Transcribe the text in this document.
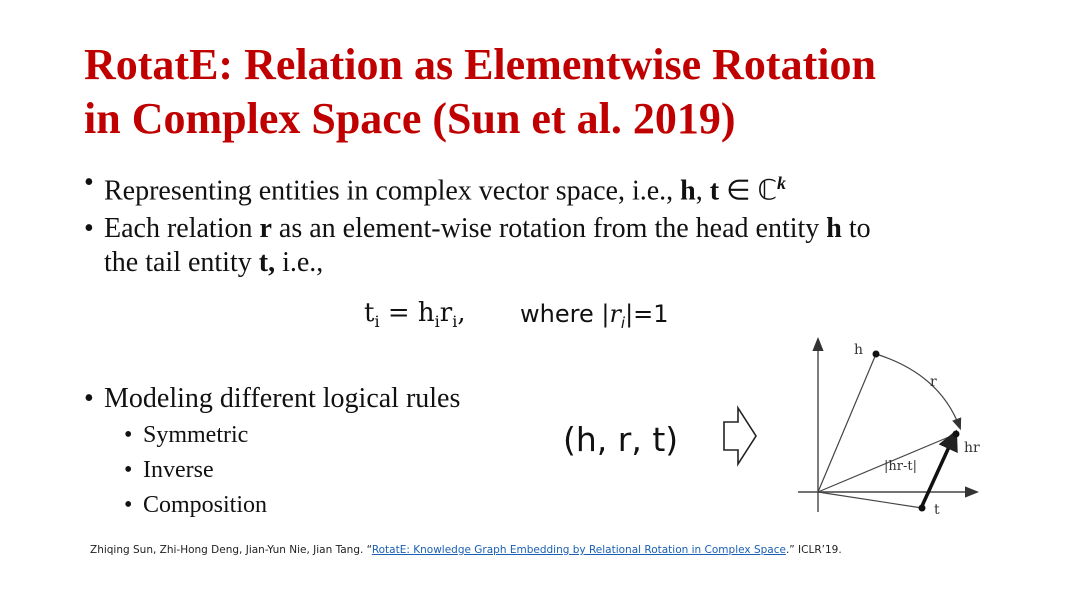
RotatE: Relation as Elementwise Rotation
in Complex Space (Sun et al. 2019)
• Representing entities in complex vector space, i.e., h, t ∈ ℂ$^k$
• Each relation r as an element-wise rotation from the head entity h to
the tail entity t, i.e.,
$t_i = h_ir_i$, where $|r_i|=1$
• Modeling different logical rules
• Symmetric
• Inverse
• Composition
(h, r, t)
h
r
hr
|hr-t|
t
Zhiqing Sun, Zhi-Hong Deng, Jian-Yun Nie, Jian Tang. “RotatE: Knowledge Graph Embedding by Relational Rotation in Complex Space.” ICLR’19.
